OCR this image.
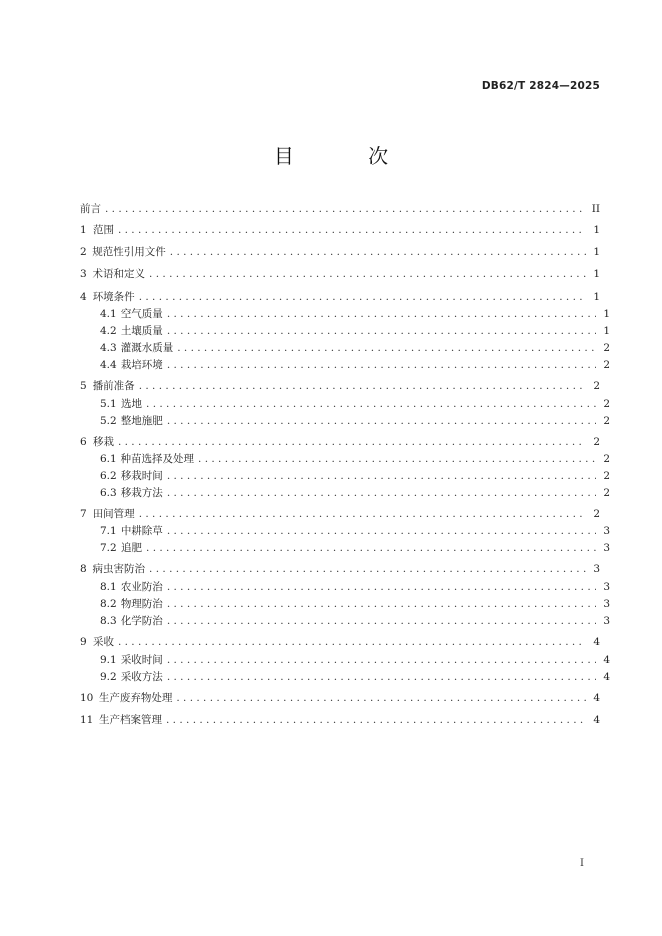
DB62/T 2824—2025
目 次
前言 . . .	II
1 范围 . . .	1
2 规范性引用文件 . . .	1
3 术语和定义 . . .	1
4 环境条件 . . .	1
4.1 空气质量 . . .	1
4.2 土壤质量 . . .	1
4.3 灌溉水质量 . . .	2
4.4 栽培环境 . . .	2
5 播前准备 . . .	2
5.1 选地 . . .	2
5.2 整地施肥 . . .	2
6 移栽 . . .	2
6.1 种苗选择及处理 . . .	2
6.2 移栽时间 . . .	2
6.3 移栽方法 . . .	2
7 田间管理 . . .	2
7.1 中耕除草 . . .	3
7.2 追肥 . . .	3
8 病虫害防治 . . .	3
8.1 农业防治 . . .	3
8.2 物理防治 . . .	3
8.3 化学防治 . . .	3
9 采收 . . .	4
9.1 采收时间 . . .	4
9.2 采收方法 . . .	4
10 生产废弃物处理 . . .	4
11 生产档案管理 . . .	4
I
